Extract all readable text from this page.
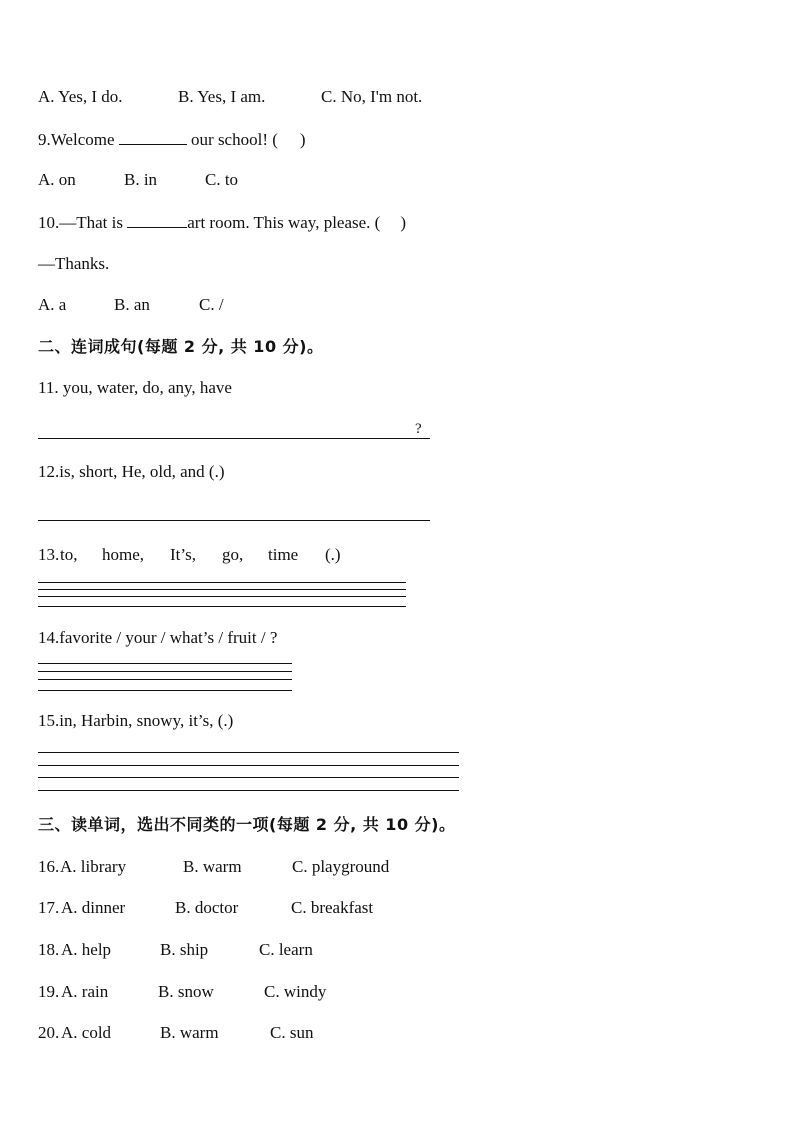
A. Yes, I do.	B. Yes, I am.	C. No, I'm not.
9.Welcome	our school! ( )
A. on	B. in	C. to
10.—That is	art room. This way, please. ( )
—Thanks.
A. a	B. an	C. /
二、连词成句(每题 2 分, 共 10 分)。
11. you, water, do, any, have
?
12.is, short, He, old, and (.)
13. to, home, It’s, go, time (.)
14.favorite / your / what’s / fruit / ?
15.in, Harbin, snowy, it’s, (.)
三、读单词，选出不同类的一项(每题 2 分, 共 10 分)。
16. A. library	B. warm	C. playground
17. A. dinner	B. doctor	C. breakfast
18. A. help	B. ship	C. learn
19. A. rain	B. snow	C. windy
20. A. cold	B. warm	C. sun
